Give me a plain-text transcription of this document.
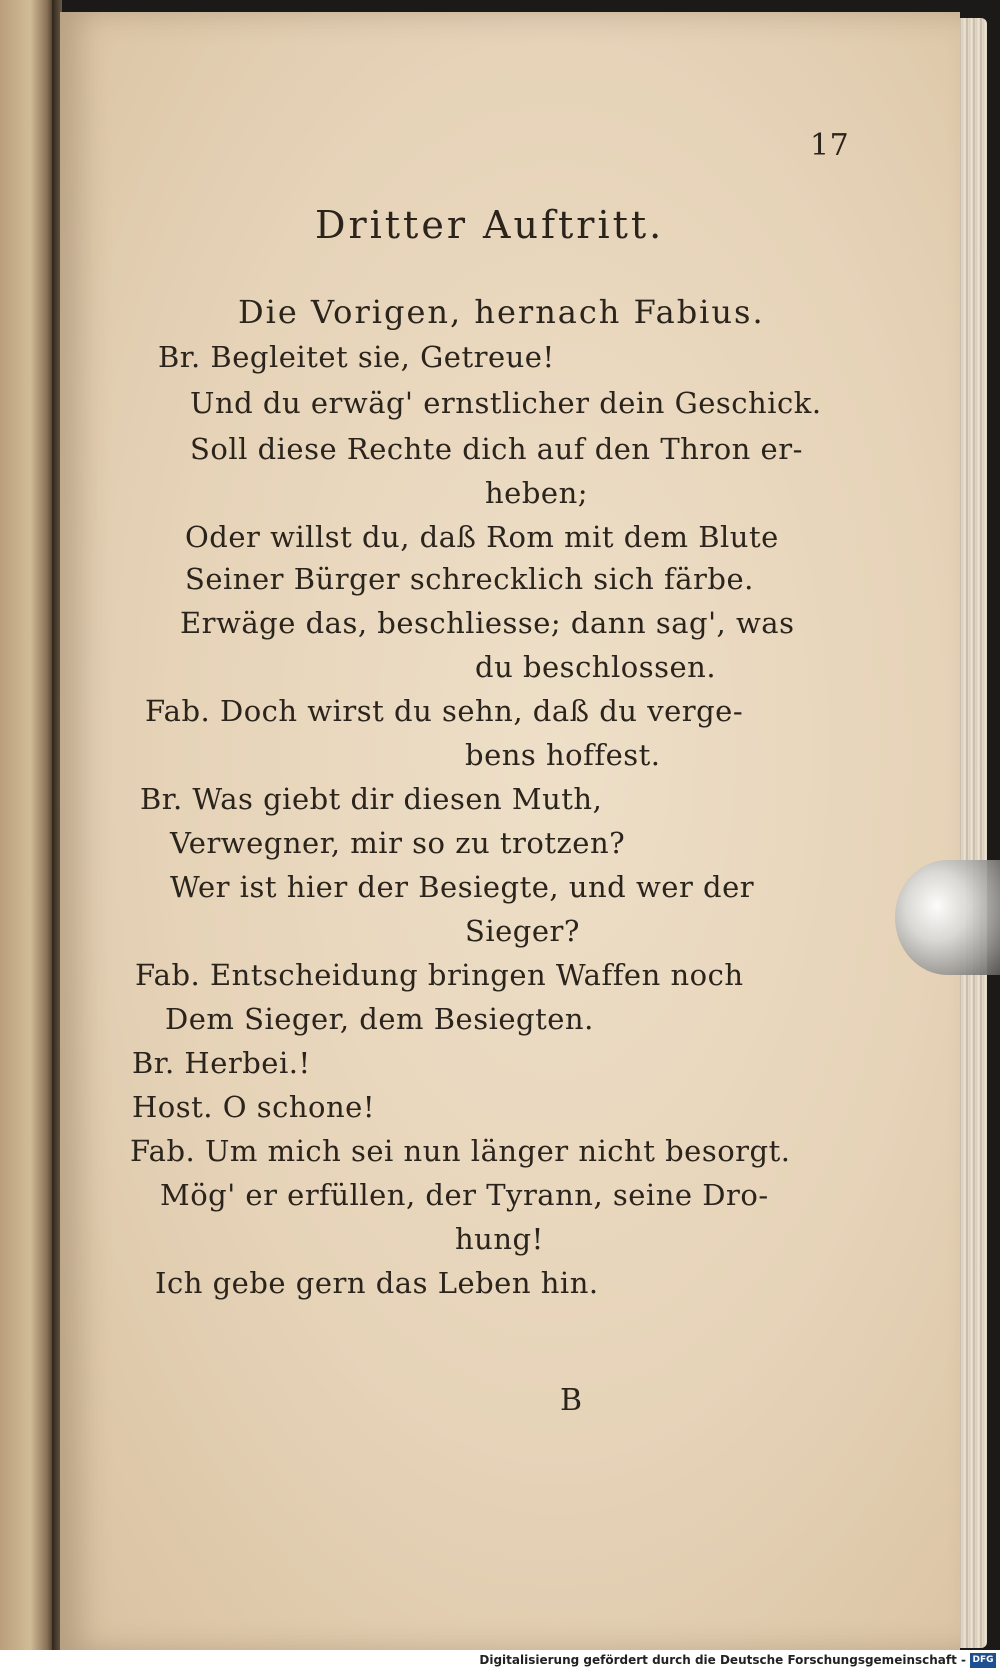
17
Dritter Auftritt.
Die Vorigen, hernach Fabius.
Br. Begleitet sie, Getreue!
Und du erwäg' ernstlicher dein Geschick.
Soll diese Rechte dich auf den Thron er-
heben;
Oder willst du, daß Rom mit dem Blute
Seiner Bürger schrecklich sich färbe.
Erwäge das, beschliesse; dann sag', was
du beschlossen.
Fab. Doch wirst du sehn, daß du verge-
bens hoffest.
Br. Was giebt dir diesen Muth,
Verwegner, mir so zu trotzen?
Wer ist hier der Besiegte, und wer der
Sieger?
Fab. Entscheidung bringen Waffen noch
Dem Sieger, dem Besiegten.
Br. Herbei.!
Host. O schone!
Fab. Um mich sei nun länger nicht besorgt.
Mög' er erfüllen, der Tyrann, seine Dro-
hung!
Ich gebe gern das Leben hin.
B
Digitalisierung gefördert durch die Deutsche Forschungsgemeinschaft - DFG
